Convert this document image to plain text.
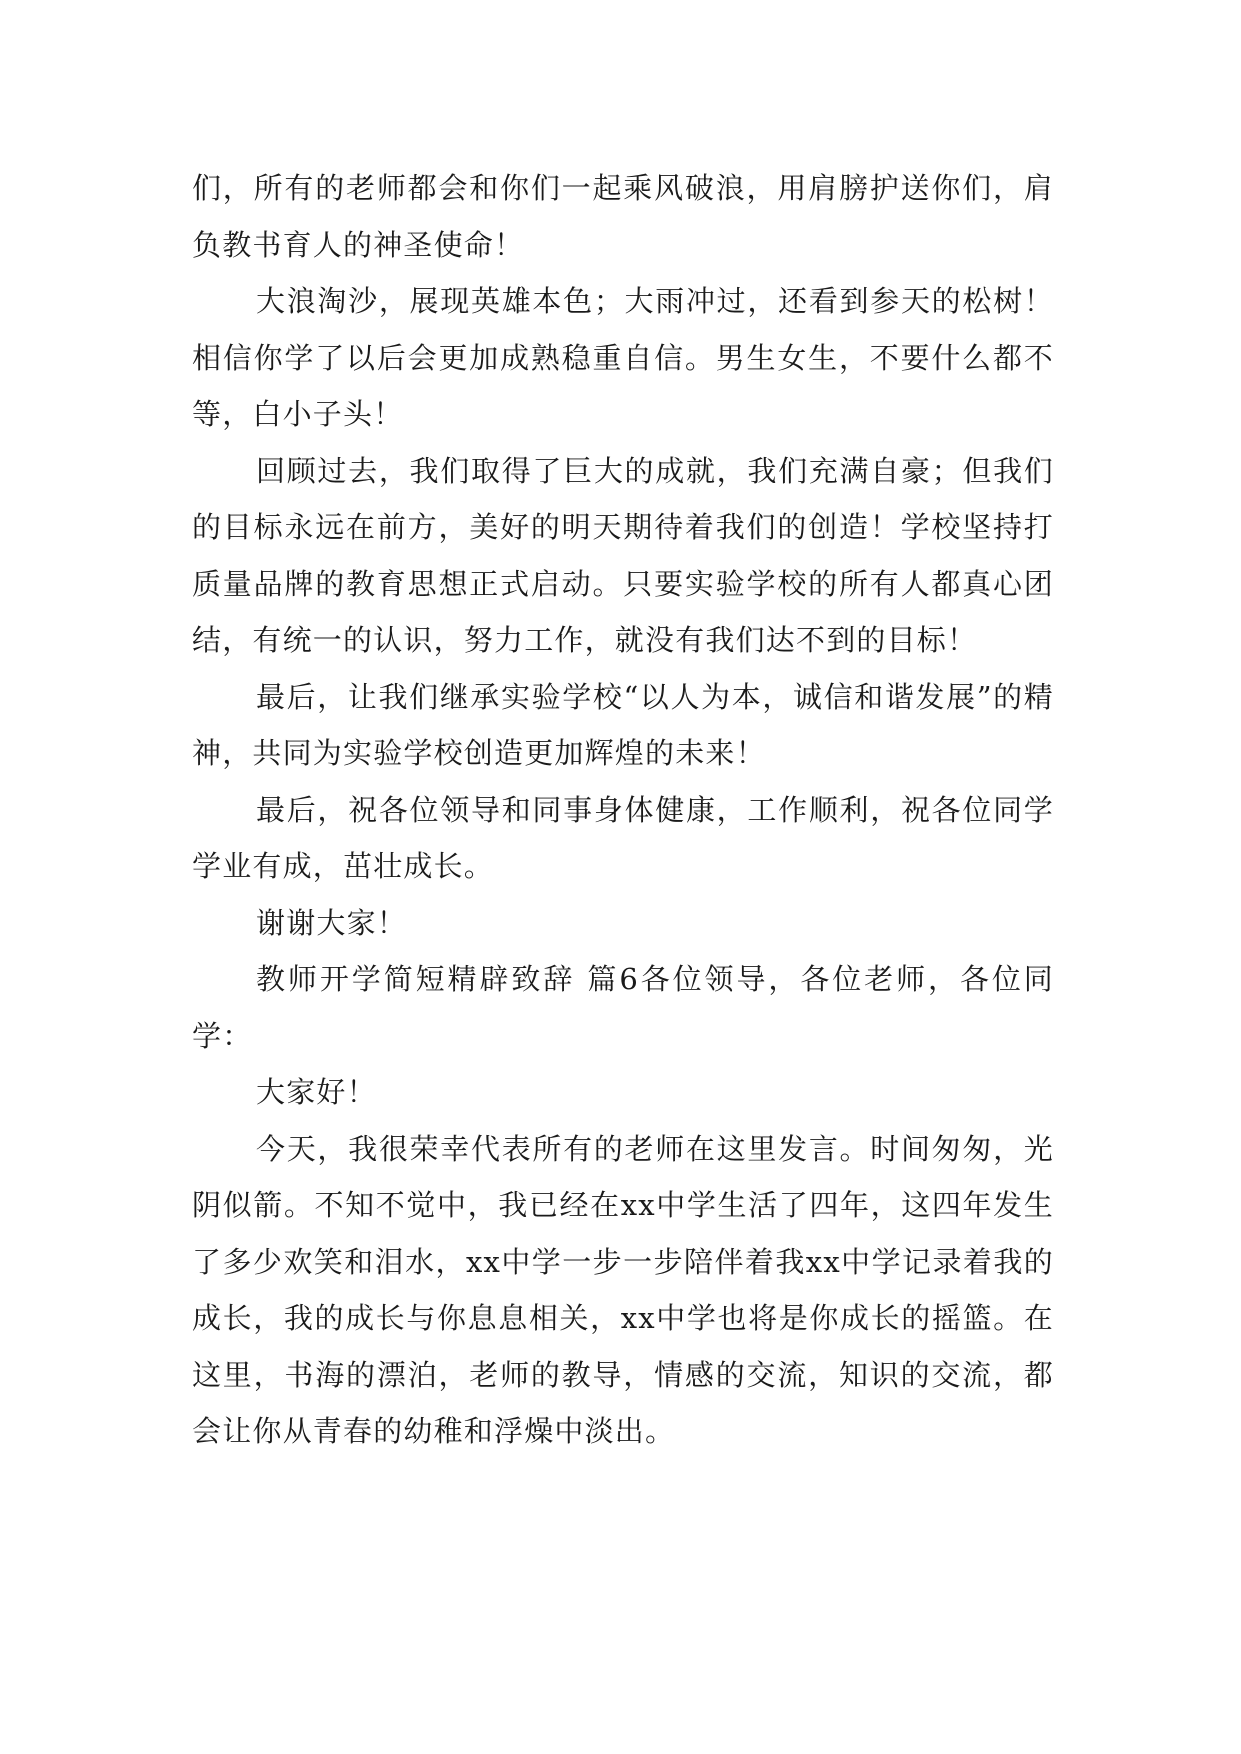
们，所有的老师都会和你们一起乘风破浪，用肩膀护送你们，肩负教书育人的神圣使命！

大浪淘沙，展现英雄本色；大雨冲过，还看到参天的松树！相信你学了以后会更加成熟稳重自信。男生女生，不要什么都不等，白小子头！

回顾过去，我们取得了巨大的成就，我们充满自豪；但我们的目标永远在前方，美好的明天期待着我们的创造！学校坚持打质量品牌的教育思想正式启动。只要实验学校的所有人都真心团结，有统一的认识，努力工作，就没有我们达不到的目标！

最后，让我们继承实验学校“以人为本，诚信和谐发展”的精神，共同为实验学校创造更加辉煌的未来！

最后，祝各位领导和同事身体健康，工作顺利，祝各位同学学业有成，茁壮成长。

谢谢大家！

教师开学简短精辟致辞 篇6各位领导，各位老师，各位同学：

大家好！

今天，我很荣幸代表所有的老师在这里发言。时间匆匆，光阴似箭。不知不觉中，我已经在xx中学生活了四年，这四年发生了多少欢笑和泪水，xx中学一步一步陪伴着我xx中学记录着我的成长，我的成长与你息息相关，xx中学也将是你成长的摇篮。在这里，书海的漂泊，老师的教导，情感的交流，知识的交流，都会让你从青春的幼稚和浮燥中淡出。
